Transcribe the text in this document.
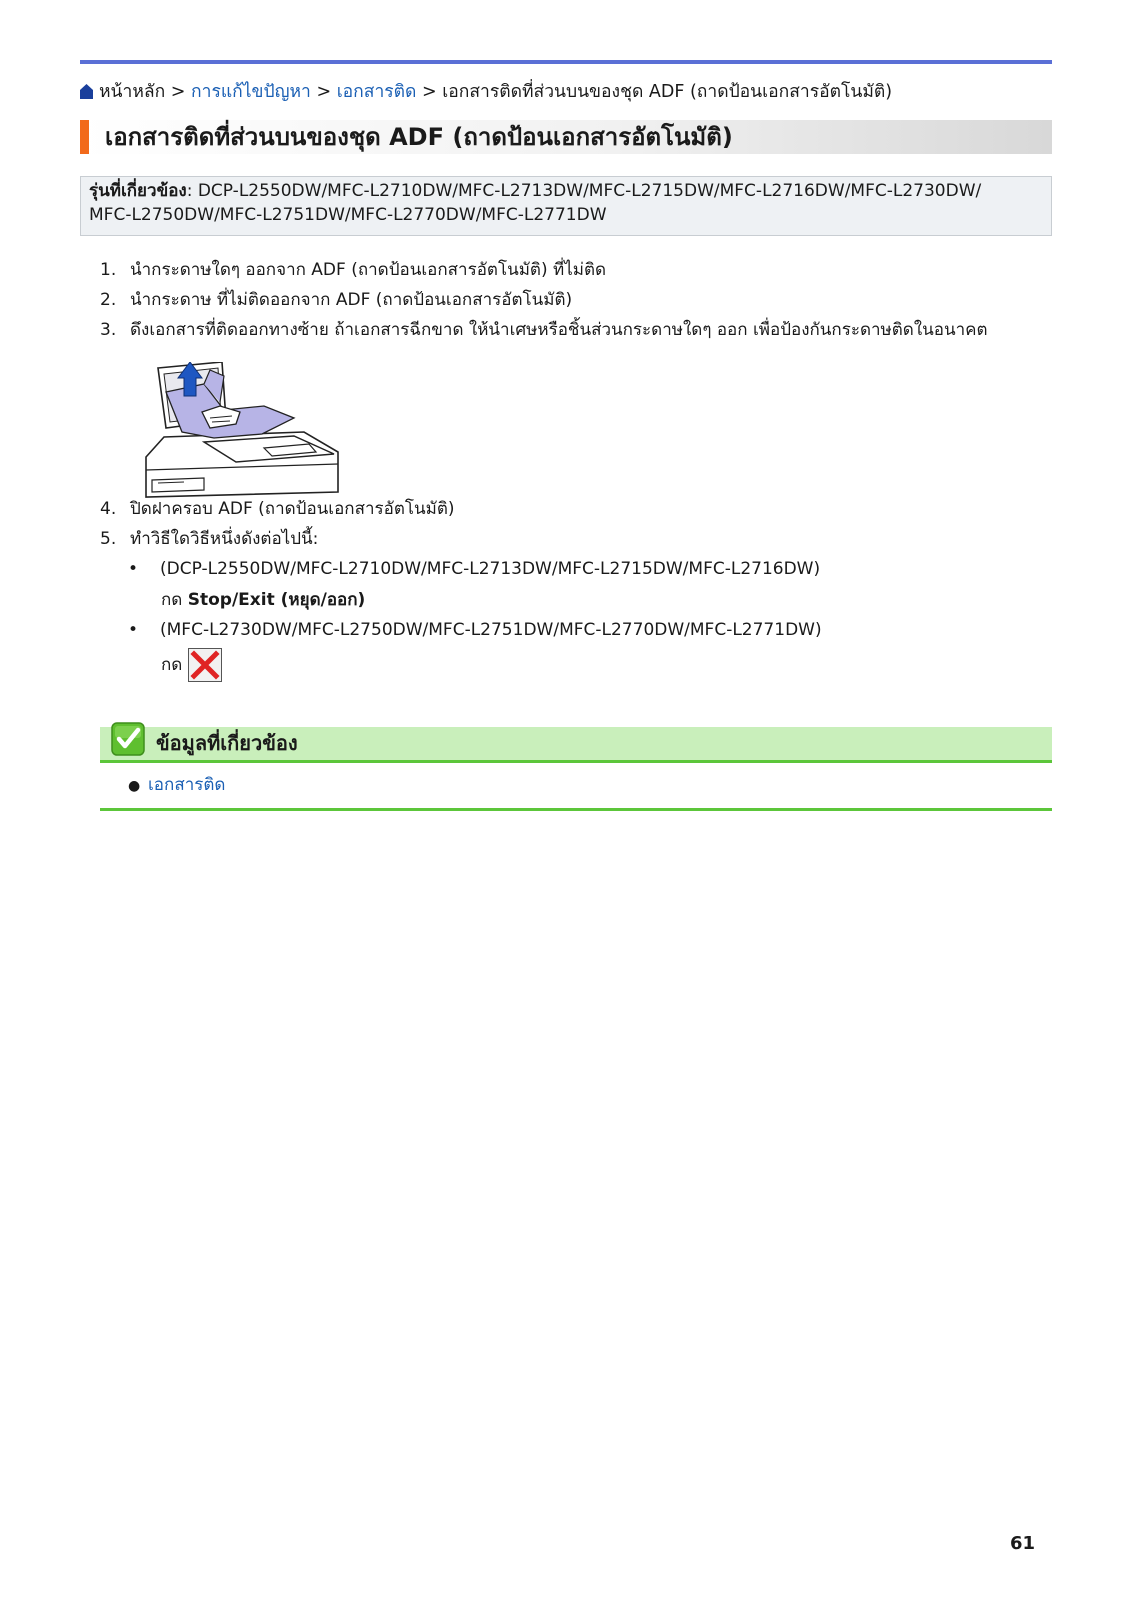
หน้าหลัก > การแก้ไขปัญหา > เอกสารติด > เอกสารติดที่ส่วนบนของชุด ADF (ถาดป้อนเอกสารอัตโนมัติ)
เอกสารติดที่ส่วนบนของชุด ADF (ถาดป้อนเอกสารอัตโนมัติ)
รุ่นที่เกี่ยวข้อง: DCP-L2550DW/MFC-L2710DW/MFC-L2713DW/MFC-L2715DW/MFC-L2716DW/MFC-L2730DW/
MFC-L2750DW/MFC-L2751DW/MFC-L2770DW/MFC-L2771DW
1. นำกระดาษใดๆ ออกจาก ADF (ถาดป้อนเอกสารอัตโนมัติ) ที่ไม่ติด
2. นำกระดาษ ที่ไม่ติดออกจาก ADF (ถาดป้อนเอกสารอัตโนมัติ)
3. ดึงเอกสารที่ติดออกทางซ้าย ถ้าเอกสารฉีกขาด ให้นำเศษหรือชิ้นส่วนกระดาษใดๆ ออก เพื่อป้องกันกระดาษติดในอนาคต
4. ปิดฝาครอบ ADF (ถาดป้อนเอกสารอัตโนมัติ)
5. ทำวิธีใดวิธีหนึ่งดังต่อไปนี้:
• (DCP-L2550DW/MFC-L2710DW/MFC-L2713DW/MFC-L2715DW/MFC-L2716DW)
กด Stop/Exit (หยุด/ออก)
• (MFC-L2730DW/MFC-L2750DW/MFC-L2751DW/MFC-L2770DW/MFC-L2771DW)
กด
ข้อมูลที่เกี่ยวข้อง
● เอกสารติด
61
